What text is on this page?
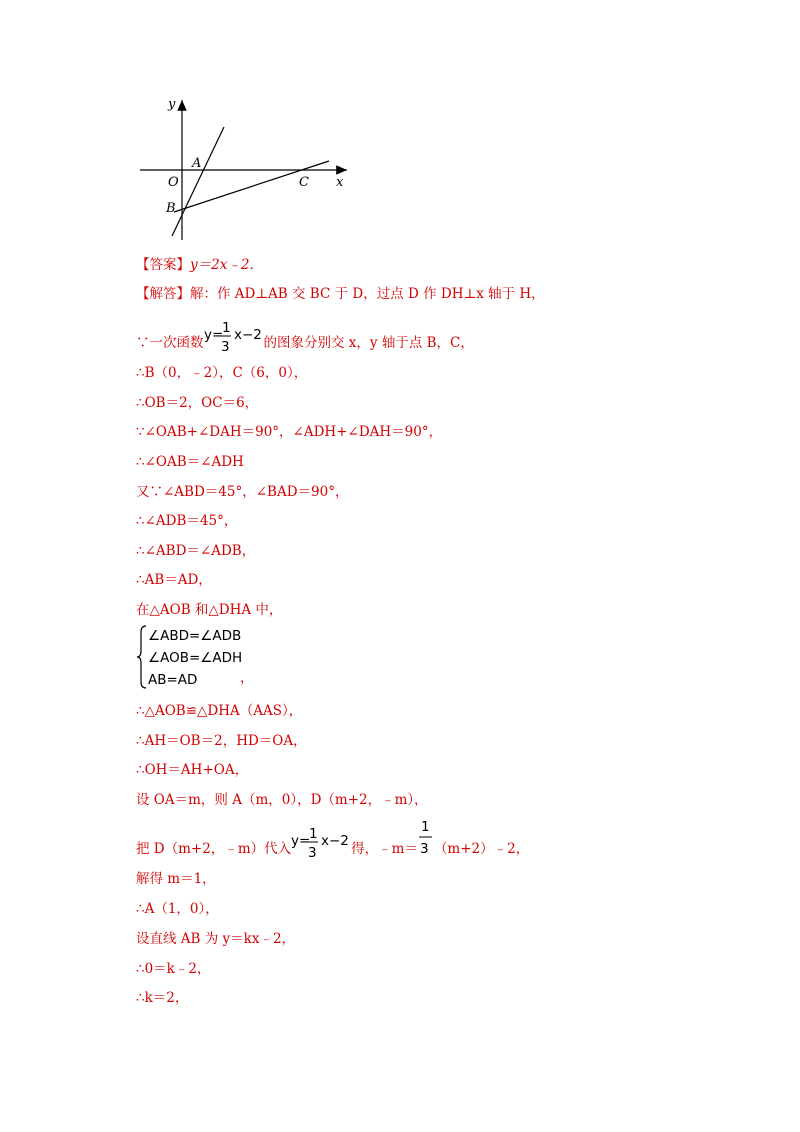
y
x
O
A
B
C
【答案】y＝2x﹣2．
【解答】解：作 AD⊥AB 交 BC 于 D，过点 D 作 DH⊥x 轴于 H，
∵一次函数
y=
1
3
x−2
的图象分别交 x，y 轴于点 B，C，
∴B（0，﹣2），C（6，0），
∴OB＝2，OC＝6，
∵∠OAB+∠DAH＝90°，∠ADH+∠DAH＝90°，
∴∠OAB＝∠ADH
又∵∠ABD＝45°，∠BAD＝90°，
∴∠ADB＝45°，
∴∠ABD＝∠ADB，
∴AB＝AD，
在△AOB 和△DHA 中，
∠ABD=∠ADB
∠AOB=∠ADH
AB=AD	，
∴△AOB≌△DHA（AAS），
∴AH＝OB＝2，HD＝OA，
∴OH＝AH+OA，
设 OA＝m，则 A（m，0），D（m+2，﹣m），
把 D（m+2，﹣m）代入
y=
1
3
x−2
得，﹣m＝
1
3 （m+2）﹣2，
解得 m＝1，
∴A（1，0），
设直线 AB 为 y＝kx﹣2，
∴0＝k﹣2，
∴k＝2，
